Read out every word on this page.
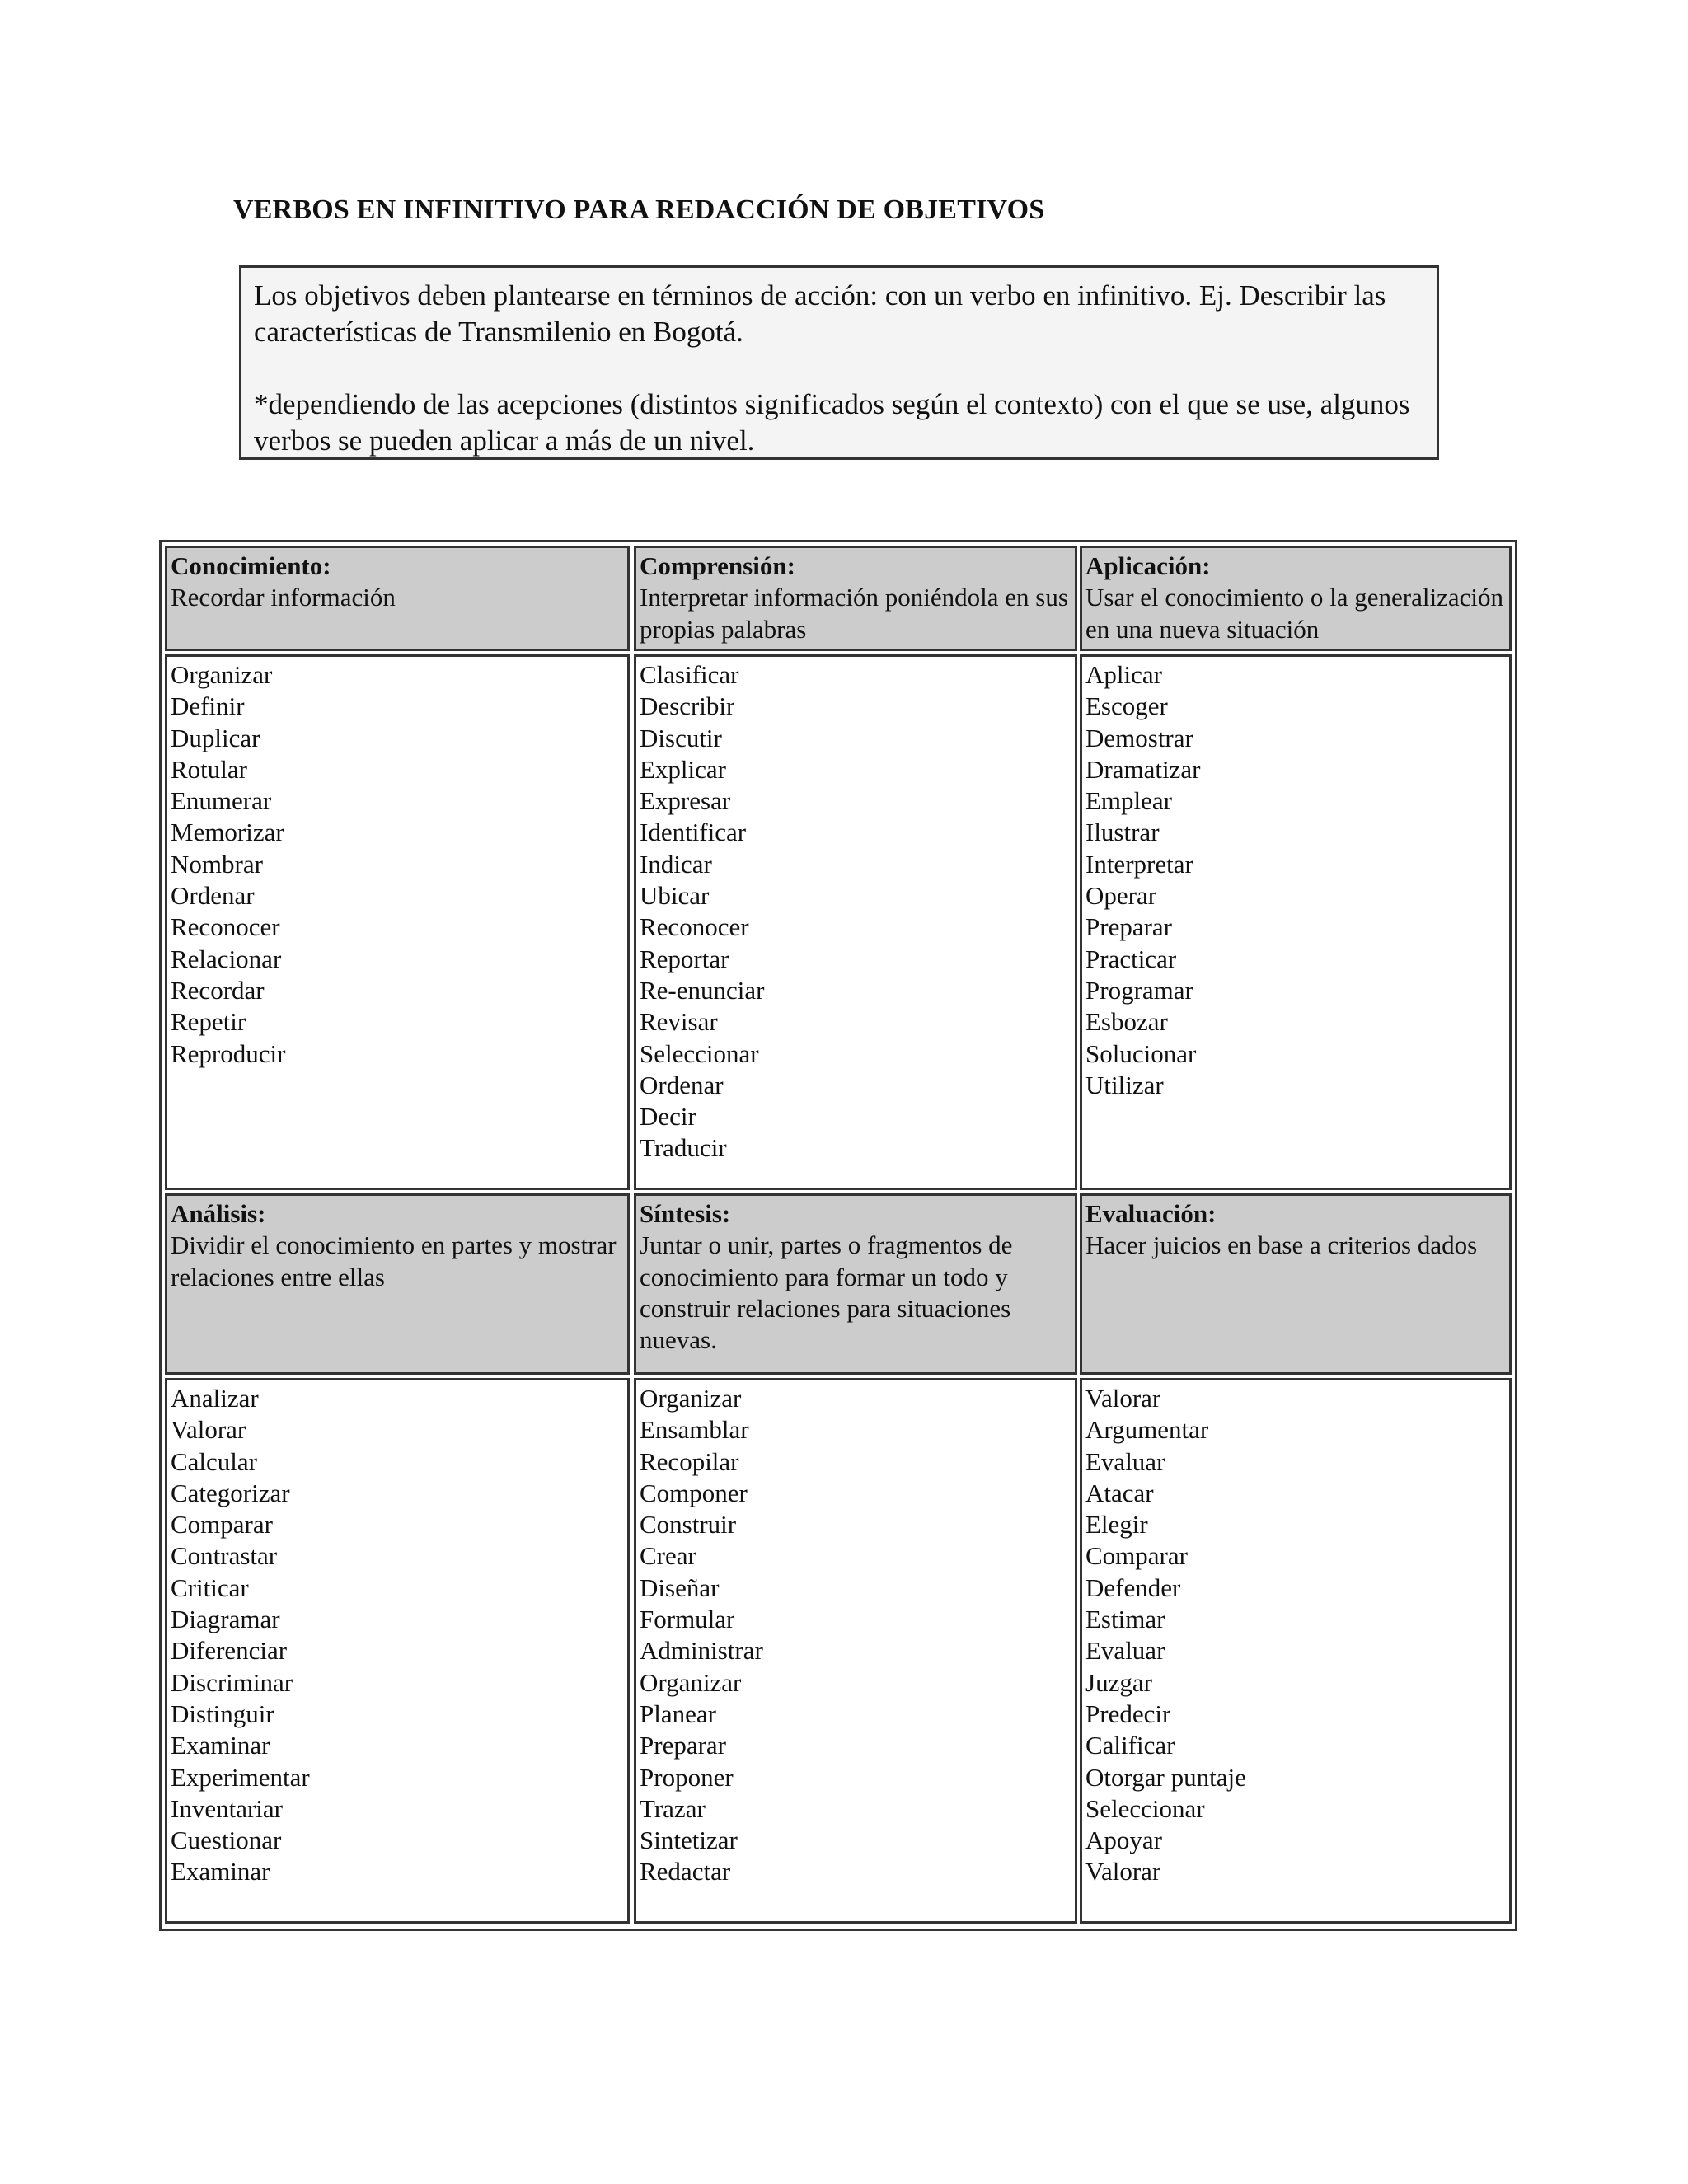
VERBOS EN INFINITIVO PARA REDACCIÓN DE OBJETIVOS

Los objetivos deben plantearse en términos de acción: con un verbo en infinitivo. Ej. Describir las características de Transmilenio en Bogotá.

*dependiendo de las acepciones (distintos significados según el contexto) con el que se use, algunos verbos se pueden aplicar a más de un nivel.

Conocimiento:
Recordar información
Comprensión:
Interpretar información poniéndola en sus propias palabras
Aplicación:
Usar el conocimiento o la generalización en una nueva situación
Organizar
Definir
Duplicar
Rotular
Enumerar
Memorizar
Nombrar
Ordenar
Reconocer
Relacionar
Recordar
Repetir
Reproducir
Clasificar
Describir
Discutir
Explicar
Expresar
Identificar
Indicar
Ubicar
Reconocer
Reportar
Re-enunciar
Revisar
Seleccionar
Ordenar
Decir
Traducir
Aplicar
Escoger
Demostrar
Dramatizar
Emplear
Ilustrar
Interpretar
Operar
Preparar
Practicar
Programar
Esbozar
Solucionar
Utilizar
Análisis:
Dividir el conocimiento en partes y mostrar relaciones entre ellas
Síntesis:
Juntar o unir, partes o fragmentos de conocimiento para formar un todo y construir relaciones para situaciones nuevas.
Evaluación:
Hacer juicios en base a criterios dados
Analizar
Valorar
Calcular
Categorizar
Comparar
Contrastar
Criticar
Diagramar
Diferenciar
Discriminar
Distinguir
Examinar
Experimentar
Inventariar
Cuestionar
Examinar
Organizar
Ensamblar
Recopilar
Componer
Construir
Crear
Diseñar
Formular
Administrar
Organizar
Planear
Preparar
Proponer
Trazar
Sintetizar
Redactar
Valorar
Argumentar
Evaluar
Atacar
Elegir
Comparar
Defender
Estimar
Evaluar
Juzgar
Predecir
Calificar
Otorgar puntaje
Seleccionar
Apoyar
Valorar
